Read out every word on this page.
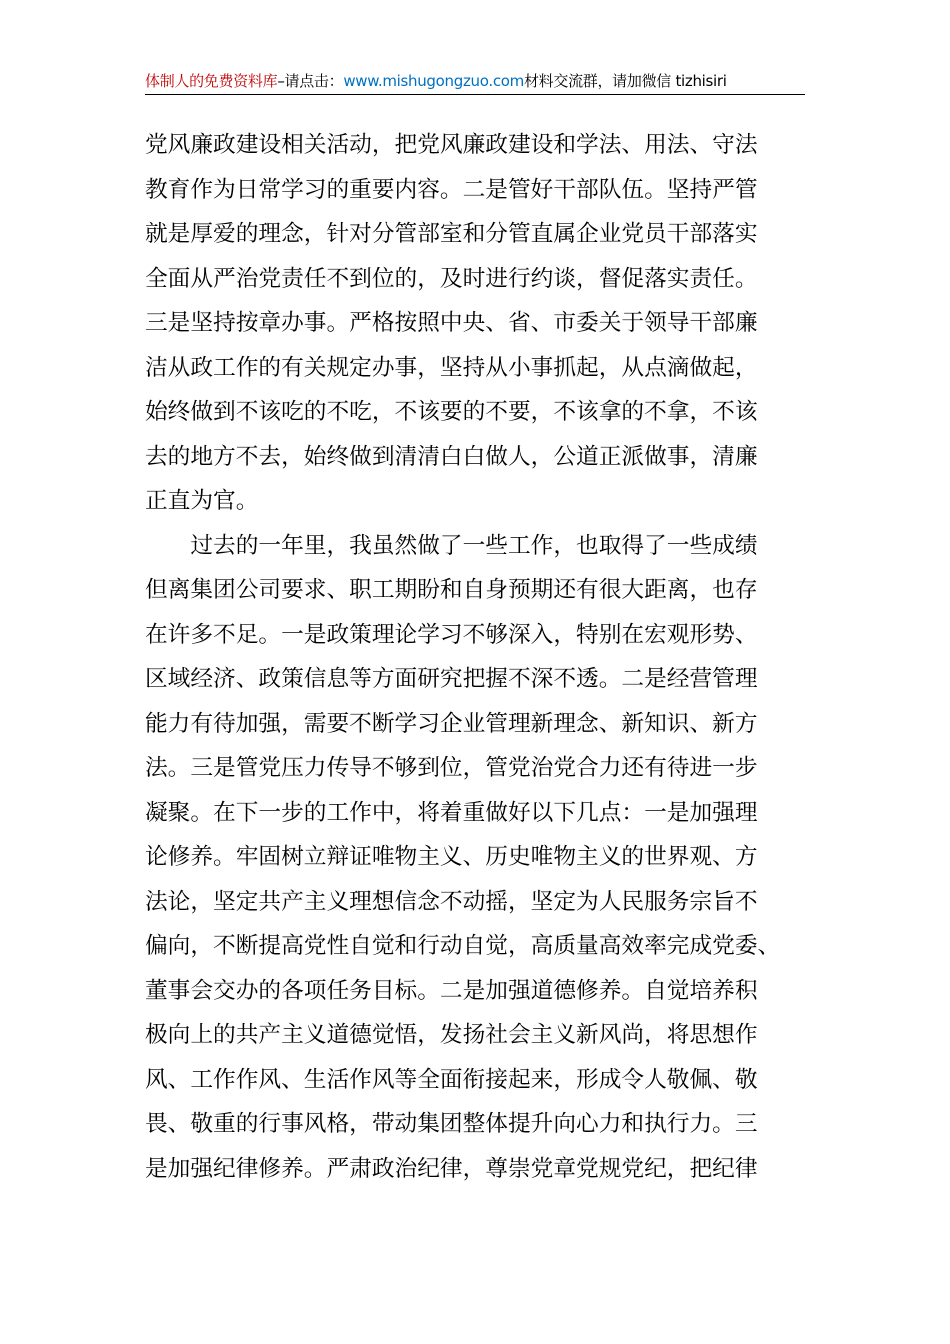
体制人的免费资料库–请点击：www.mishugongzuo.com材料交流群，请加微信 tizhisiri
党风廉政建设相关活动，把党风廉政建设和学法、用法、守法
教育作为日常学习的重要内容。二是管好干部队伍。坚持严管
就是厚爱的理念，针对分管部室和分管直属企业党员干部落实
全面从严治党责任不到位的，及时进行约谈，督促落实责任。
三是坚持按章办事。严格按照中央、省、市委关于领导干部廉
洁从政工作的有关规定办事，坚持从小事抓起，从点滴做起，
始终做到不该吃的不吃，不该要的不要，不该拿的不拿，不该
去的地方不去，始终做到清清白白做人，公道正派做事，清廉
正直为官。
　　过去的一年里，我虽然做了一些工作，也取得了一些成绩
但离集团公司要求、职工期盼和自身预期还有很大距离，也存
在许多不足。一是政策理论学习不够深入，特别在宏观形势、
区域经济、政策信息等方面研究把握不深不透。二是经营管理
能力有待加强，需要不断学习企业管理新理念、新知识、新方
法。三是管党压力传导不够到位，管党治党合力还有待进一步
凝聚。在下一步的工作中，将着重做好以下几点：一是加强理
论修养。牢固树立辩证唯物主义、历史唯物主义的世界观、方
法论，坚定共产主义理想信念不动摇，坚定为人民服务宗旨不
偏向，不断提高党性自觉和行动自觉，高质量高效率完成党委、
董事会交办的各项任务目标。二是加强道德修养。自觉培养积
极向上的共产主义道德觉悟，发扬社会主义新风尚，将思想作
风、工作作风、生活作风等全面衔接起来，形成令人敬佩、敬
畏、敬重的行事风格，带动集团整体提升向心力和执行力。三
是加强纪律修养。严肃政治纪律，尊崇党章党规党纪，把纪律
